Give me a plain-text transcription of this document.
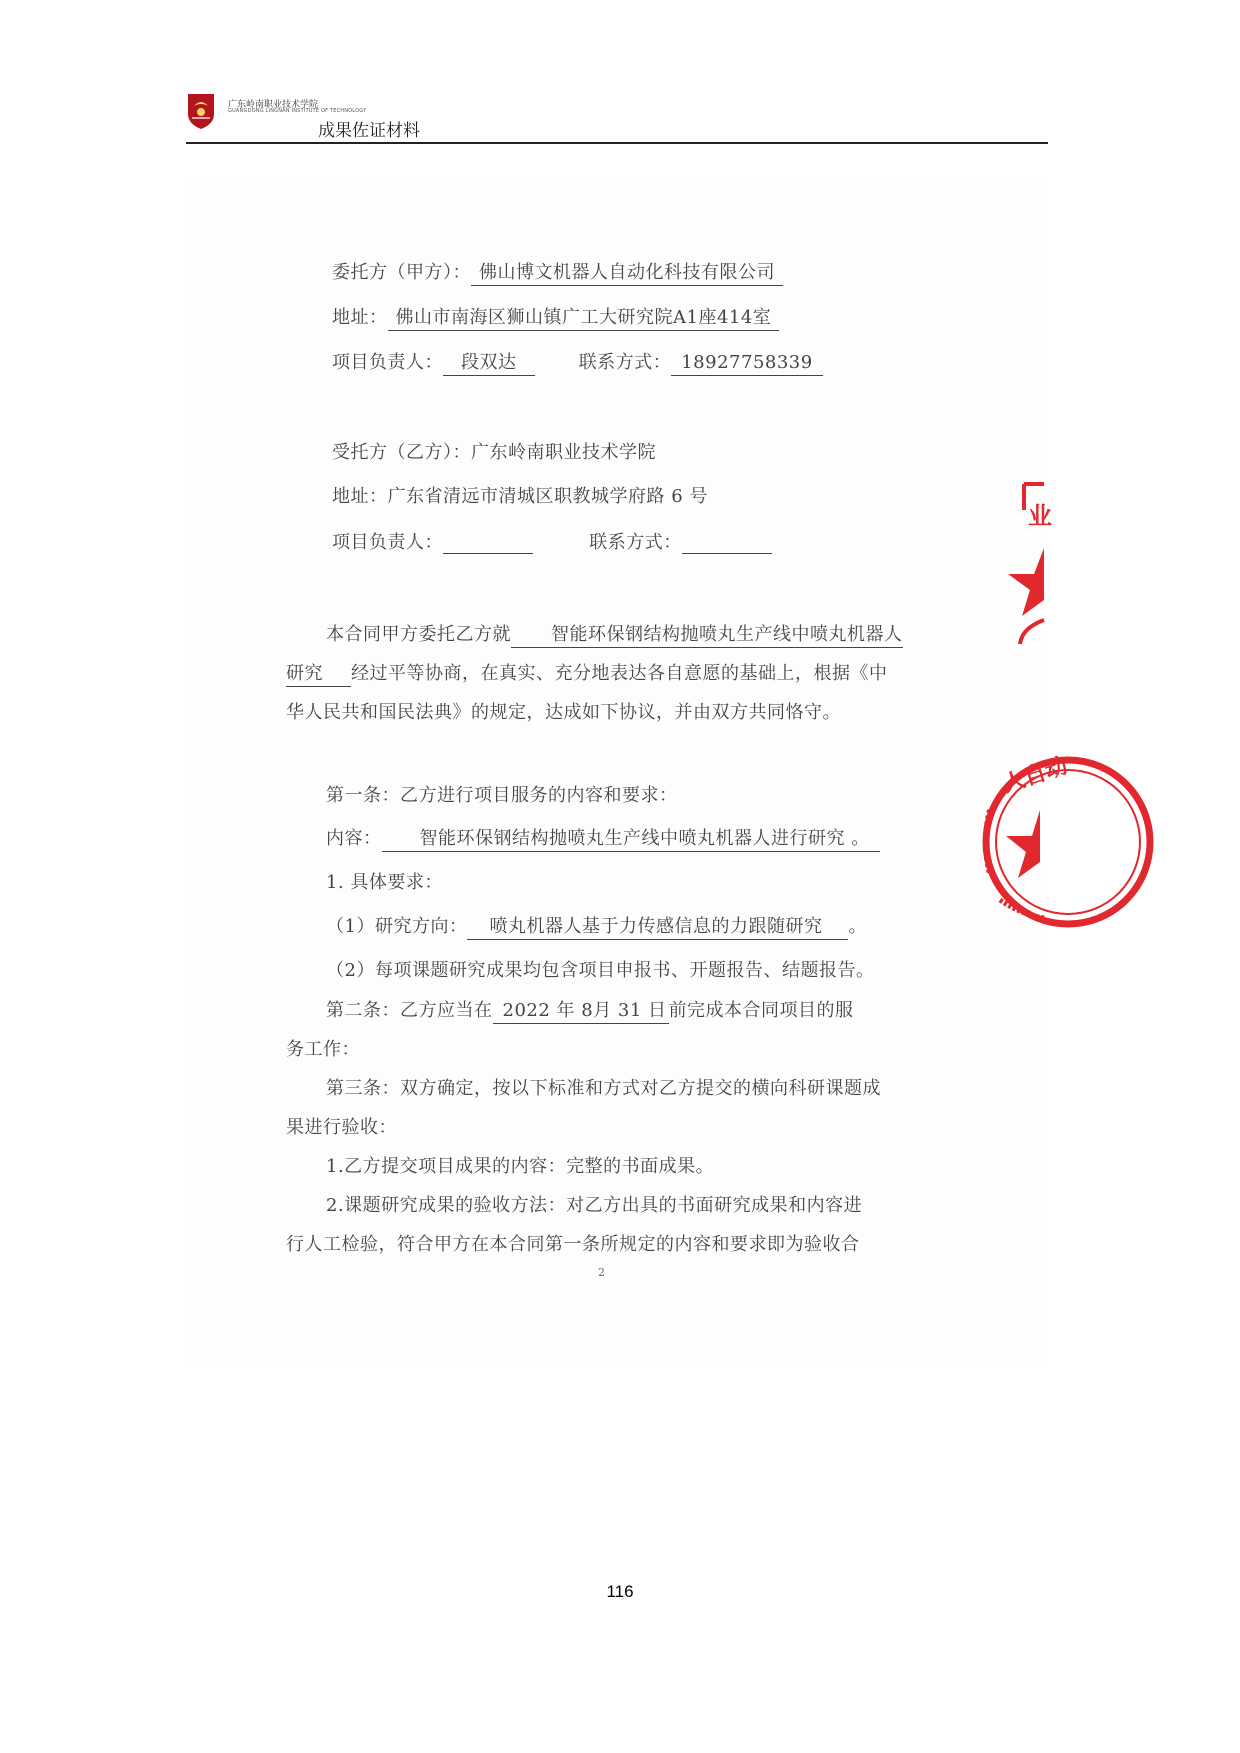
广东岭南职业技术学院
GUANGDONG LINGNAN INSTITUTE OF TECHNOLOGY
成果佐证材料
委托方（甲方）： 佛山博文机器人自动化科技有限公司
地址： 佛山市南海区狮山镇广工大研究院A1座414室
项目负责人： 段双达	联系方式： 18927758339
受托方（乙方）：广东岭南职业技术学院
地址：广东省清远市清城区职教城学府路 6 号
项目负责人：	联系方式：
本合同甲方委托乙方就 智能环保钢结构抛喷丸生产线中喷丸机器人
研究 经过平等协商，在真实、充分地表达各自意愿的基础上，根据《中
华人民共和国民法典》的规定，达成如下协议，并由双方共同恪守。
第一条：乙方进行项目服务的内容和要求：
内容： 智能环保钢结构抛喷丸生产线中喷丸机器人进行研究 。
1. 具体要求：
（1）研究方向： 喷丸机器人基于力传感信息的力跟随研究 。
（2）每项课题研究成果均包含项目申报书、开题报告、结题报告。
第二条：乙方应当在 2022 年 8月 31 日 前完成本合同项目的服
务工作：
第三条：双方确定，按以下标准和方式对乙方提交的横向科研课题成
果进行验收：
1.乙方提交项目成果的内容：完整的书面成果。
2.课题研究成果的验收方法：对乙方出具的书面研究成果和内容进
行人工检验，符合甲方在本合同第一条所规定的内容和要求即为验收合
2
业
人自动
116
